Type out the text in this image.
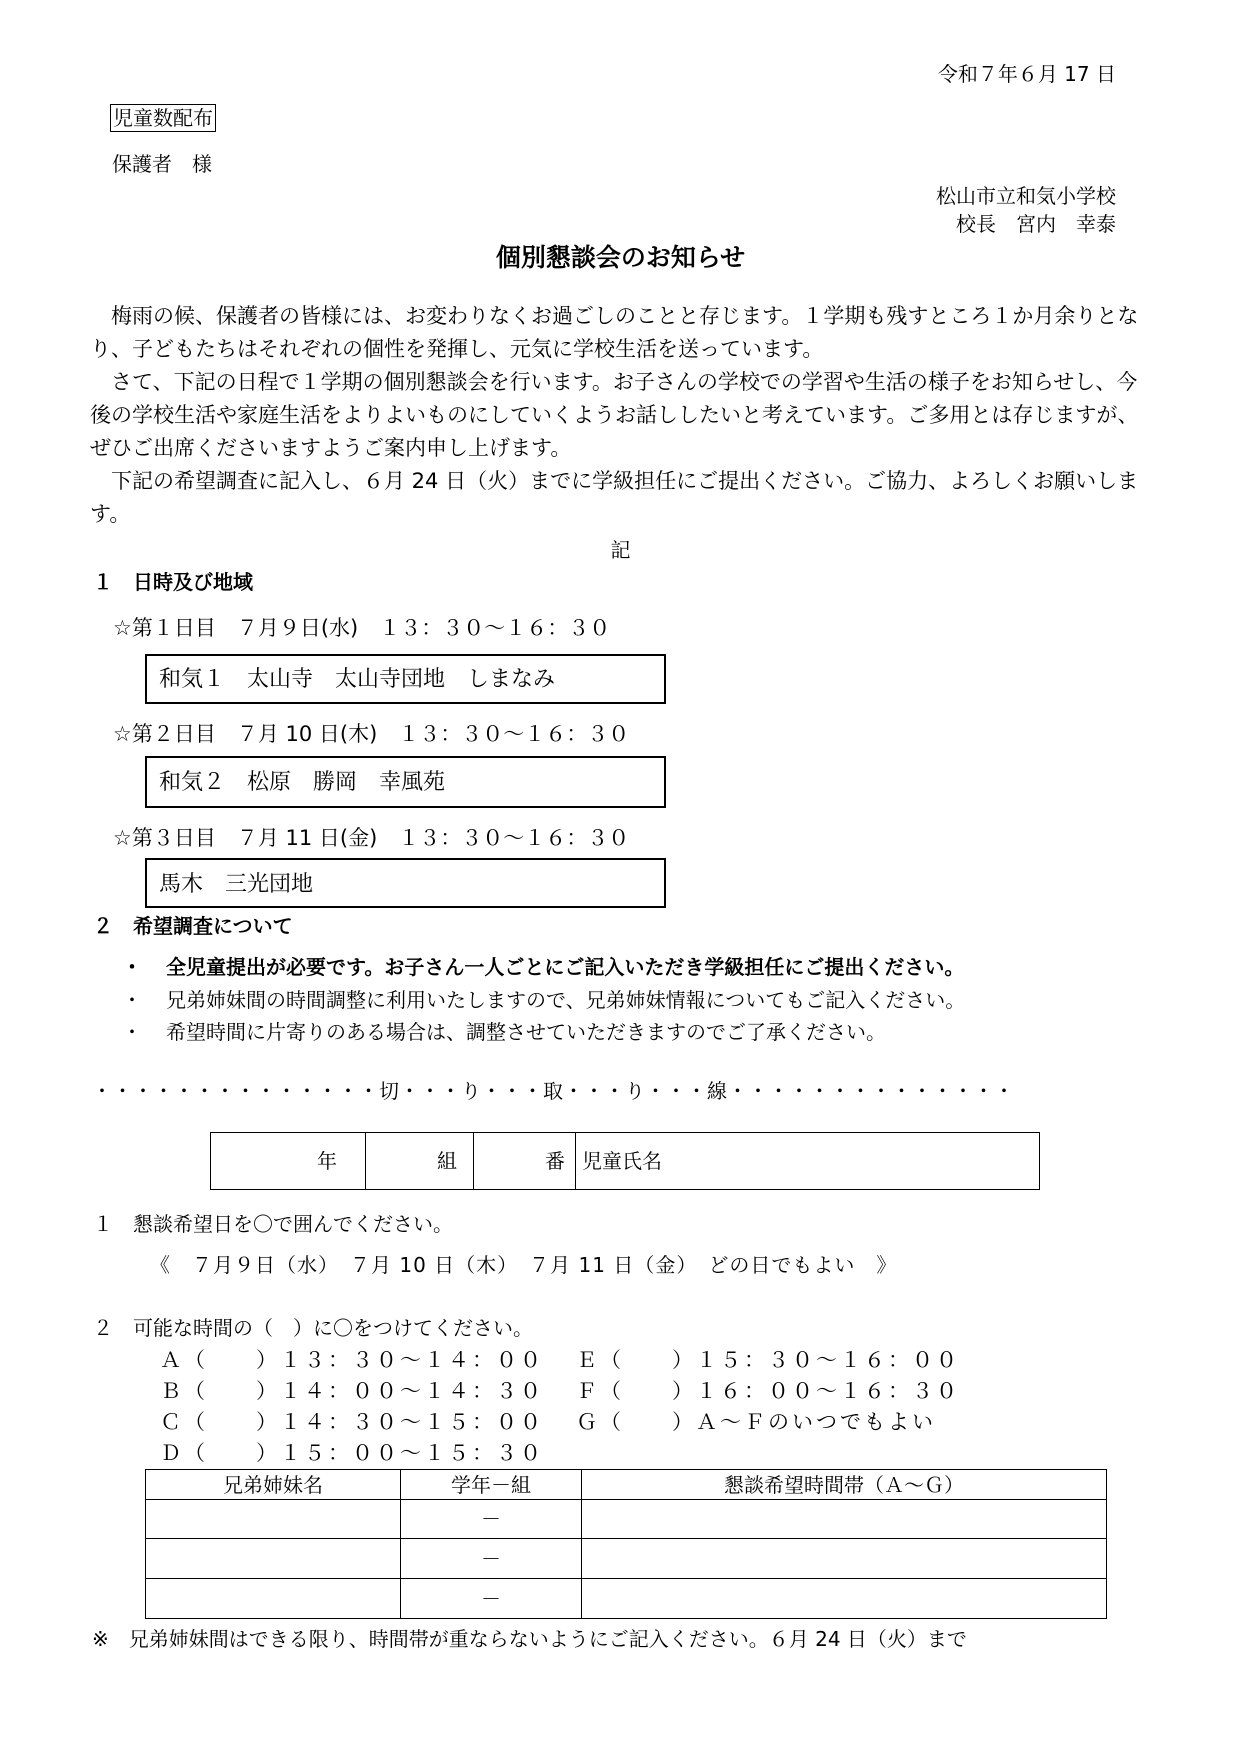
令和７年６月 17 日
児童数配布
保護者　様
松山市立和気小学校
校長　宮内　幸泰
個別懇談会のお知らせ

梅雨の候、保護者の皆様には、お変わりなくお過ごしのことと存じます。１学期も残すところ１か月余りとなり、子どもたちはそれぞれの個性を発揮し、元気に学校生活を送っています。

さて、下記の日程で１学期の個別懇談会を行います。お子さんの学校での学習や生活の様子をお知らせし、今後の学校生活や家庭生活をよりよいものにしていくようお話ししたいと考えています。ご多用とは存じますが、ぜひご出席くださいますようご案内申し上げます。

下記の希望調査に記入し、６月 24 日（火）までに学級担任にご提出ください。ご協力、よろしくお願いします。

記
１　日時及び地域
☆第１日目　７月９日(水)　１３：３０～１６：３０
和気１　太山寺　太山寺団地　しまなみ
☆第２日目　７月 10 日(木)　１３：３０～１６：３０
和気２　松原　勝岡　幸風苑
☆第３日目　７月 11 日(金)　１３：３０～１６：３０
馬木　三光団地
２　希望調査について
・ 全児童提出が必要です。お子さん一人ごとにご記入いただき学級担任にご提出ください。
・ 兄弟姉妹間の時間調整に利用いたしますので、兄弟姉妹情報についてもご記入ください。
・ 希望時間に片寄りのある場合は、調整させていただきますのでご了承ください。
・・・・・・・・・・・・・・切・・・り・・・取・・・り・・・線・・・・・・・・・・・・・・
年	組	番	児童氏名
１　懇談希望日を〇で囲んでください。
《　７月９日（水）　７月 10 日（木）　７月 11 日（金）　どの日でもよい　》
２　可能な時間の（　）に〇をつけてください。
Ａ（　　）１３：３０～１４：００
Ｂ（　　）１４：００～１４：３０
Ｃ（　　）１４：３０～１５：００
Ｄ（　　）１５：００～１５：３０
Ｅ（　　）１５：３０～１６：００
Ｆ（　　）１６：００～１６：３０
Ｇ（　　）Ａ～Ｆのいつでもよい
兄弟姉妹名	学年－組	懇談希望時間帯（Ａ～Ｇ）
	－	
	－	
	－	
※　兄弟姉妹間はできる限り、時間帯が重ならないようにご記入ください。６月 24 日（火）まで
